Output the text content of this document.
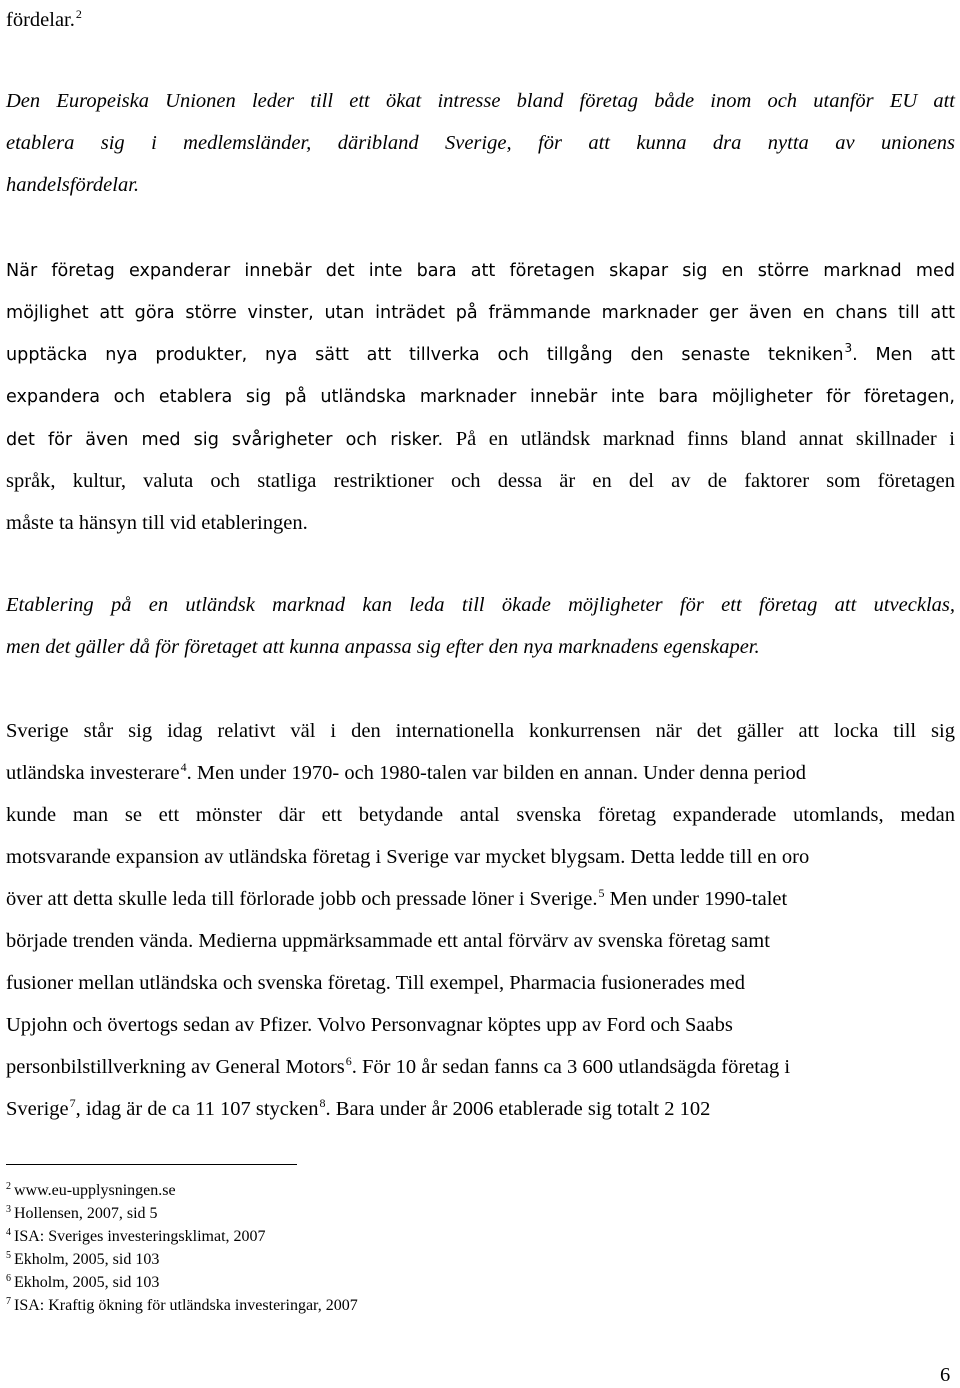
fördelar.$^2$
Den Europeiska Unionen leder till ett ökat intresse bland företag både inom och utanför EU att
etablera sig i medlemsländer, däribland Sverige, för att kunna dra nytta av unionens
handelsfördelar.
När företag expanderar innebär det inte bara att företagen skapar sig en större marknad med
möjlighet att göra större vinster, utan inträdet på främmande marknader ger även en chans till att
upptäcka nya produkter, nya sätt att tillverka och tillgång den senaste tekniken$^3$. Men att
expandera och etablera sig på utländska marknader innebär inte bara möjligheter för företagen,
det för även med sig svårigheter och risker. På en utländsk marknad finns bland annat skillnader i
språk, kultur, valuta och statliga restriktioner och dessa är en del av de faktorer som företagen
måste ta hänsyn till vid etableringen.
Etablering på en utländsk marknad kan leda till ökade möjligheter för ett företag att utvecklas,
men det gäller då för företaget att kunna anpassa sig efter den nya marknadens egenskaper.
Sverige står sig idag relativt väl i den internationella konkurrensen när det gäller att locka till sig
utländska investerare$^4$. Men under 1970- och 1980-talen var bilden en annan. Under denna period
kunde man se ett mönster där ett betydande antal svenska företag expanderade utomlands, medan
motsvarande expansion av utländska företag i Sverige var mycket blygsam. Detta ledde till en oro
över att detta skulle leda till förlorade jobb och pressade löner i Sverige.$^5$ Men under 1990-talet
började trenden vända. Medierna uppmärksammade ett antal förvärv av svenska företag samt
fusioner mellan utländska och svenska företag. Till exempel, Pharmacia fusionerades med
Upjohn och övertogs sedan av Pfizer. Volvo Personvagnar köptes upp av Ford och Saabs
personbilstillverkning av General Motors$^6$. För 10 år sedan fanns ca 3 600 utlandsägda företag i
Sverige$^7$, idag är de ca 11 107 stycken$^8$. Bara under år 2006 etablerade sig totalt 2 102
$^2$ www.eu-upplysningen.se
$^3$ Hollensen, 2007, sid 5
$^4$ ISA: Sveriges investeringsklimat, 2007
$^5$ Ekholm, 2005, sid 103
$^6$ Ekholm, 2005, sid 103
$^7$ ISA: Kraftig ökning för utländska investeringar, 2007
6
